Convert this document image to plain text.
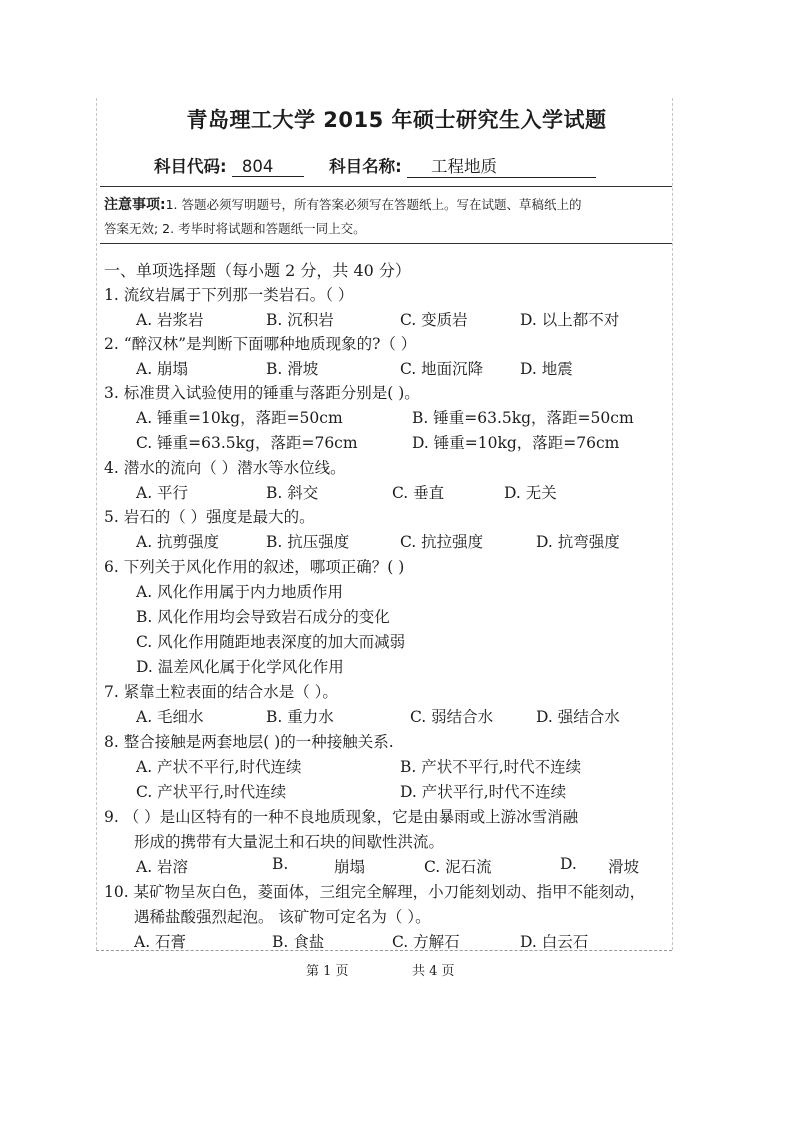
青岛理工大学 2015 年硕士研究生入学试题
科目代码: 804	科目名称: 工程地质
注意事项:1. 答题必须写明题号，所有答案必须写在答题纸上。写在试题、草稿纸上的
答案无效; 2. 考毕时将试题和答题纸一同上交。
一、单项选择题（每小题 2 分，共 40 分）
1. 流纹岩属于下列那一类岩石。（ ）
A. 岩浆岩	B. 沉积岩	C. 变质岩	D. 以上都不对
2. “醉汉林”是判断下面哪种地质现象的?（ ）
A. 崩塌	B. 滑坡	C. 地面沉降 D. 地震
3. 标准贯入试验使用的锤重与落距分别是( )。
A. 锤重=10kg，落距=50cm	B. 锤重=63.5kg，落距=50cm
C. 锤重=63.5kg，落距=76cm	D. 锤重=10kg，落距=76cm
4. 潜水的流向（ ）潜水等水位线。
A. 平行	B. 斜交	C. 垂直	D. 无关
5. 岩石的（ ）强度是最大的。
A. 抗剪强度	B. 抗压强度	C. 抗拉强度	D. 抗弯强度
6. 下列关于风化作用的叙述，哪项正确？( )
A. 风化作用属于内力地质作用
B. 风化作用均会导致岩石成分的变化
C. 风化作用随距地表深度的加大而减弱
D. 温差风化属于化学风化作用
7. 紧靠土粒表面的结合水是（ ）。
A. 毛细水	B. 重力水	C. 弱结合水	D. 强结合水
8. 整合接触是两套地层( )的一种接触关系.
A. 产状不平行,时代连续	B. 产状不平行,时代不连续
C. 产状平行,时代连续	D. 产状平行,时代不连续
9. （ ）是山区特有的一种不良地质现象，它是由暴雨或上游冰雪消融
形成的携带有大量泥土和石块的间歇性洪流。
A. 岩溶	B.	崩塌	C. 泥石流	D. 滑坡
10. 某矿物呈灰白色，菱面体，三组完全解理，小刀能刻划动、指甲不能刻动，
遇稀盐酸强烈起泡。 该矿物可定名为（ ）。
A. 石膏	B. 食盐	C. 方解石	D. 白云石
第 1 页	共 4 页
